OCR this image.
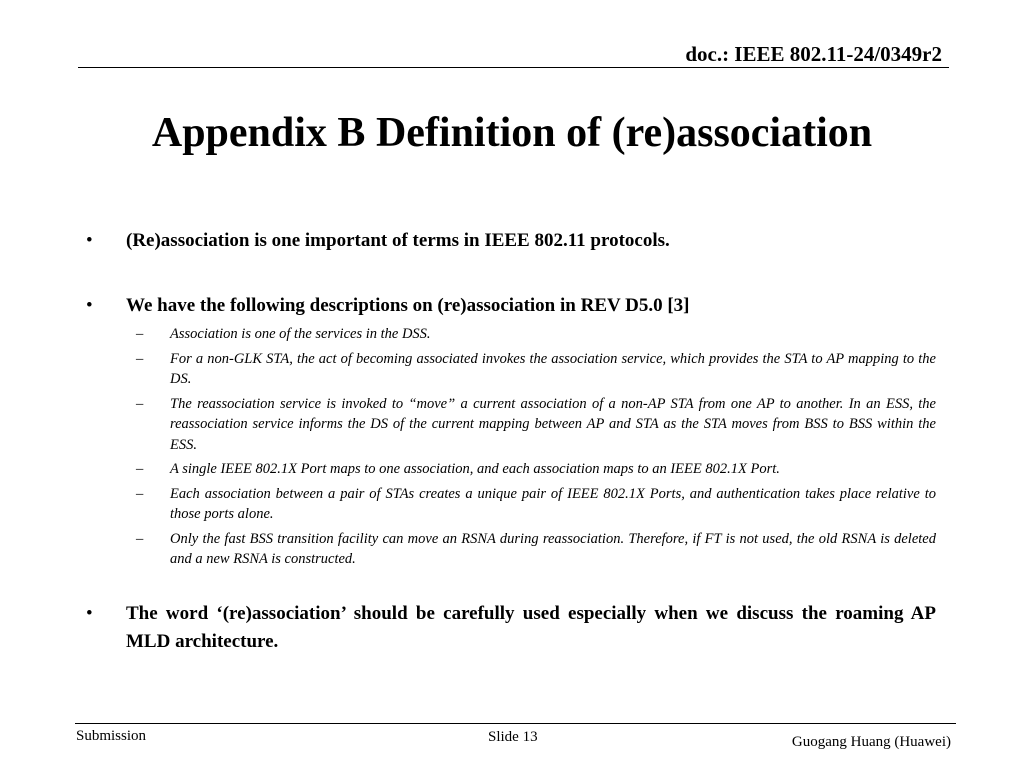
doc.: IEEE 802.11-24/0349r2
Appendix B Definition of (re)association
• (Re)association is one important of terms in IEEE 802.11 protocols.
• We have the following descriptions on (re)association in REV D5.0 [3]
– Association is one of the services in the DSS.
– For a non-GLK STA, the act of becoming associated invokes the association service, which provides the STA to AP mapping to the DS.
– The reassociation service is invoked to “move” a current association of a non-AP STA from one AP to another. In an ESS, the reassociation service informs the DS of the current mapping between AP and STA as the STA moves from BSS to BSS within the ESS.
– A single IEEE 802.1X Port maps to one association, and each association maps to an IEEE 802.1X Port.
– Each association between a pair of STAs creates a unique pair of IEEE 802.1X Ports, and authentication takes place relative to those ports alone.
– Only the fast BSS transition facility can move an RSNA during reassociation. Therefore, if FT is not used, the old RSNA is deleted and a new RSNA is constructed.
• The word ‘(re)association’ should be carefully used especially when we discuss the roaming AP MLD architecture.
Submission	Slide 13	Guogang Huang (Huawei)
